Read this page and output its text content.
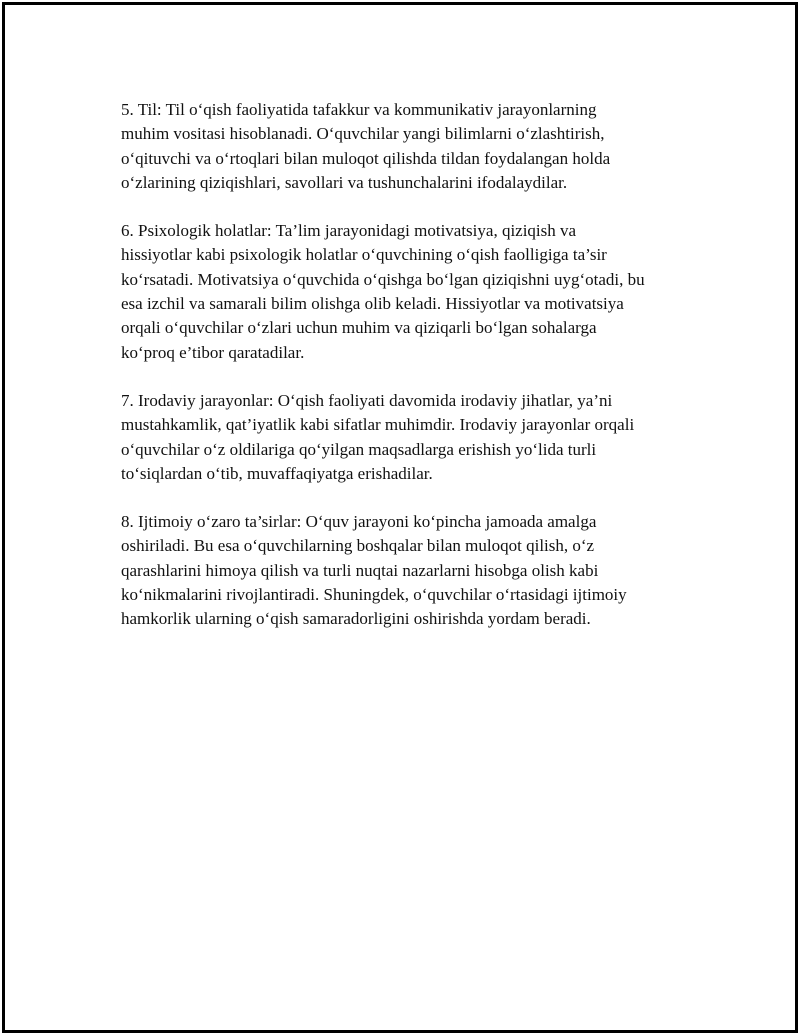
5. Til: Til o‘qish faoliyatida tafakkur va kommunikativ jarayonlarning
muhim vositasi hisoblanadi. O‘quvchilar yangi bilimlarni o‘zlashtirish,
o‘qituvchi va o‘rtoqlari bilan muloqot qilishda tildan foydalangan holda
o‘zlarining qiziqishlari, savollari va tushunchalarini ifodalaydilar.

6. Psixologik holatlar: Ta’lim jarayonidagi motivatsiya, qiziqish va
hissiyotlar kabi psixologik holatlar o‘quvchining o‘qish faolligiga ta’sir
ko‘rsatadi. Motivatsiya o‘quvchida o‘qishga bo‘lgan qiziqishni uyg‘otadi, bu
esa izchil va samarali bilim olishga olib keladi. Hissiyotlar va motivatsiya
orqali o‘quvchilar o‘zlari uchun muhim va qiziqarli bo‘lgan sohalarga
ko‘proq e’tibor qaratadilar.

7. Irodaviy jarayonlar: O‘qish faoliyati davomida irodaviy jihatlar, ya’ni
mustahkamlik, qat’iyatlik kabi sifatlar muhimdir. Irodaviy jarayonlar orqali
o‘quvchilar o‘z oldilariga qo‘yilgan maqsadlarga erishish yo‘lida turli
to‘siqlardan o‘tib, muvaffaqiyatga erishadilar.

8. Ijtimoiy o‘zaro ta’sirlar: O‘quv jarayoni ko‘pincha jamoada amalga
oshiriladi. Bu esa o‘quvchilarning boshqalar bilan muloqot qilish, o‘z
qarashlarini himoya qilish va turli nuqtai nazarlarni hisobga olish kabi
ko‘nikmalarini rivojlantiradi. Shuningdek, o‘quvchilar o‘rtasidagi ijtimoiy
hamkorlik ularning o‘qish samaradorligini oshirishda yordam beradi.
